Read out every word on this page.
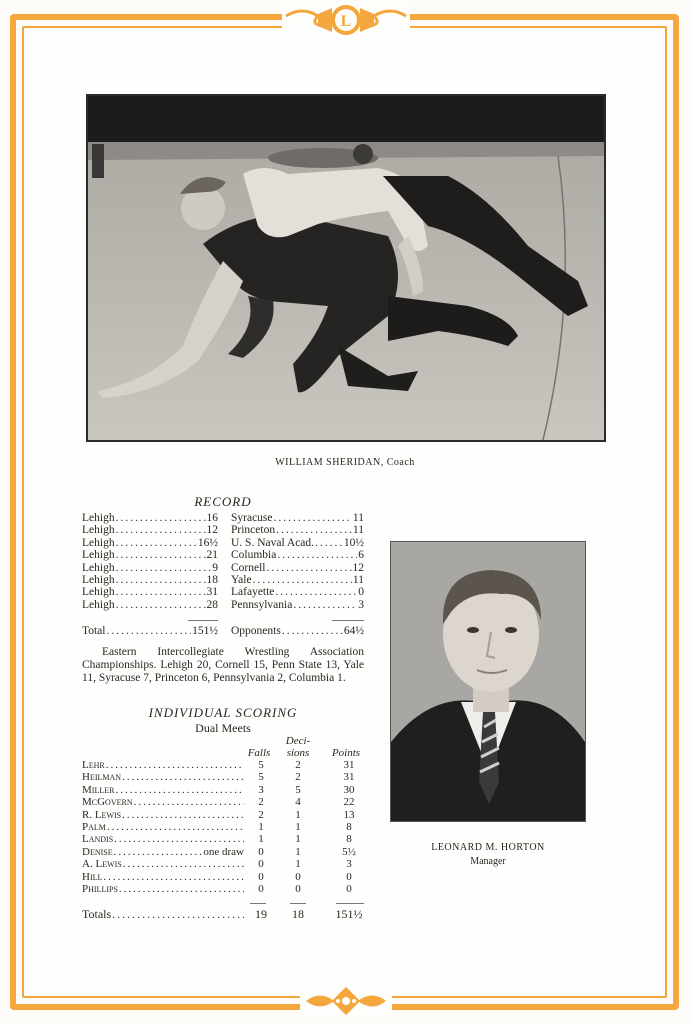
L
WILLIAM SHERIDAN, Coach
RECORD
Lehigh .....	16 Syracuse .....	11
Lehigh .....	12 Princeton .....	11
Lehigh .....	16½ U. S. Naval Acad. .....	10½
Lehigh .....	21 Columbia .....	6
Lehigh .....	9 Cornell .....	12
Lehigh .....	18 Yale .....	11
Lehigh .....	31 Lafayette .....	0
Lehigh .....	28 Pennsylvania .....	3
Total .....	151½ Opponents .....	64½
Eastern Intercollegiate Wrestling Association Championships. Lehigh 20, Cornell 15, Penn State 13, Yale 11, Syracuse 7, Princeton 6, Pennsylvania 2, Columbia 1.
INDIVIDUAL SCORING
Dual Meets
Falls
Deci-
sions	Points
Lehr .....	5	2	31
Heilman .....	5	2	31
Miller .....	3	5	30
McGovern .....	2	4	22
R. Lewis .....	2	1	13
Palm .....	1	1	8
Landis .....	1	1	8
Denise .....	one draw	0	1	5½
A. Lewis .....	0	1	3
Hill .....	0	0	0
Phillips .....	0	0	0
Totals .....	19	18	151½
LEONARD M. HORTON
Manager
